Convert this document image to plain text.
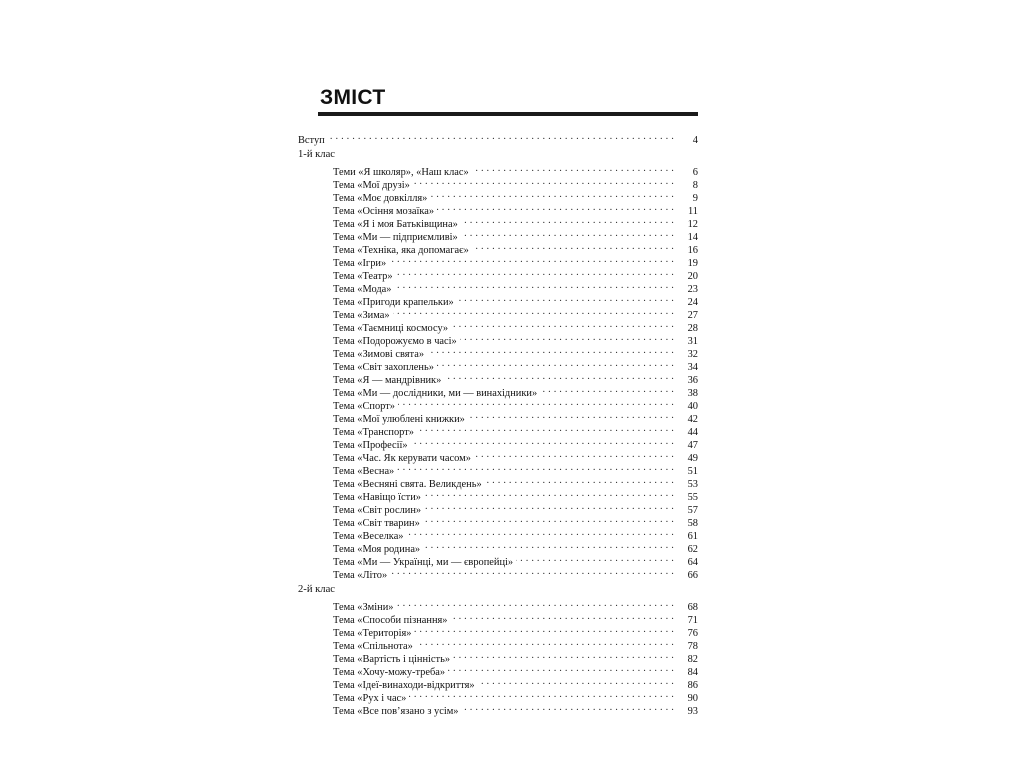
ЗМІСТ
Вступ . . .	4
1-й клас
Теми «Я школяр», «Наш клас» . . .	6
Тема «Мої друзі» . . .	8
Тема «Моє довкілля» . . .	9
Тема «Осіння мозаїка» . . .	11
Тема «Я і моя Батьківщина» . . .	12
Тема «Ми — підприємливі» . . .	14
Тема «Техніка, яка допомагає» . . .	16
Тема «Ігри» . . .	19
Тема «Театр» . . .	20
Тема «Мода» . . .	23
Тема «Пригоди крапельки» . . .	24
Тема «Зима» . . .	27
Тема «Таємниці космосу» . . .	28
Тема «Подорожуємо в часі» . . .	31
Тема «Зимові свята» . . .	32
Тема «Світ захоплень» . . .	34
Тема «Я — мандрівник» . . .	36
Тема «Ми — дослідники, ми — винахідники» . . .	38
Тема «Спорт» . . .	40
Тема «Мої улюблені книжки» . . .	42
Тема «Транспорт» . . .	44
Тема «Професії» . . .	47
Тема «Час. Як керувати часом» . . .	49
Тема «Весна» . . .	51
Тема «Весняні свята. Великдень» . . .	53
Тема «Навіщо їсти» . . .	55
Тема «Світ рослин» . . .	57
Тема «Світ тварин» . . .	58
Тема «Веселка» . . .	61
Тема «Моя родина» . . .	62
Тема «Ми — Українці, ми — європейці» . . .	64
Тема «Літо» . . .	66
2-й клас
Тема «Зміни» . . .	68
Тема «Способи пізнання» . . .	71
Тема «Територія» . . .	76
Тема «Спільнота» . . .	78
Тема «Вартість і цінність» . . .	82
Тема «Хочу-можу-треба» . . .	84
Тема «Ідеї-винаходи-відкриття» . . .	86
Тема «Рух і час» . . .	90
Тема «Все пов’язано з усім» . . .	93
